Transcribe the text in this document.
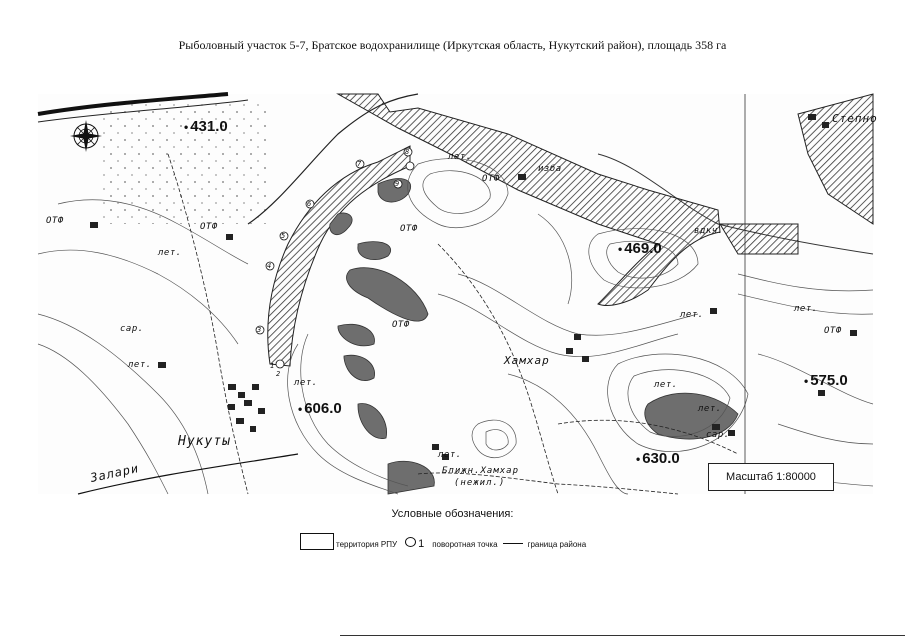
Рыболовный участок 5-7, Братское водохранилище (Иркутская область, Нукутский район), площадь 358 га
• 431.0
• 469.0
• 575.0
• 606.0
• 630.0
Степно
Нукуты
Хамхар
Залари	Ближн.Хамхар
(нежил.)
ОТФ
ОТФ	ОТФ
ОТФ
ОТФ
ОТФ
лет.
лет.
лет.
лет.
лет.
лет.
лет.
лет.
лет.
сар.
сар.
изба
вдкч.
1
2
3
4
5
6
7
8
9
Масштаб 1:80000
Условные обозначения:
территория РПУ 1 поворотная точка	граница района
